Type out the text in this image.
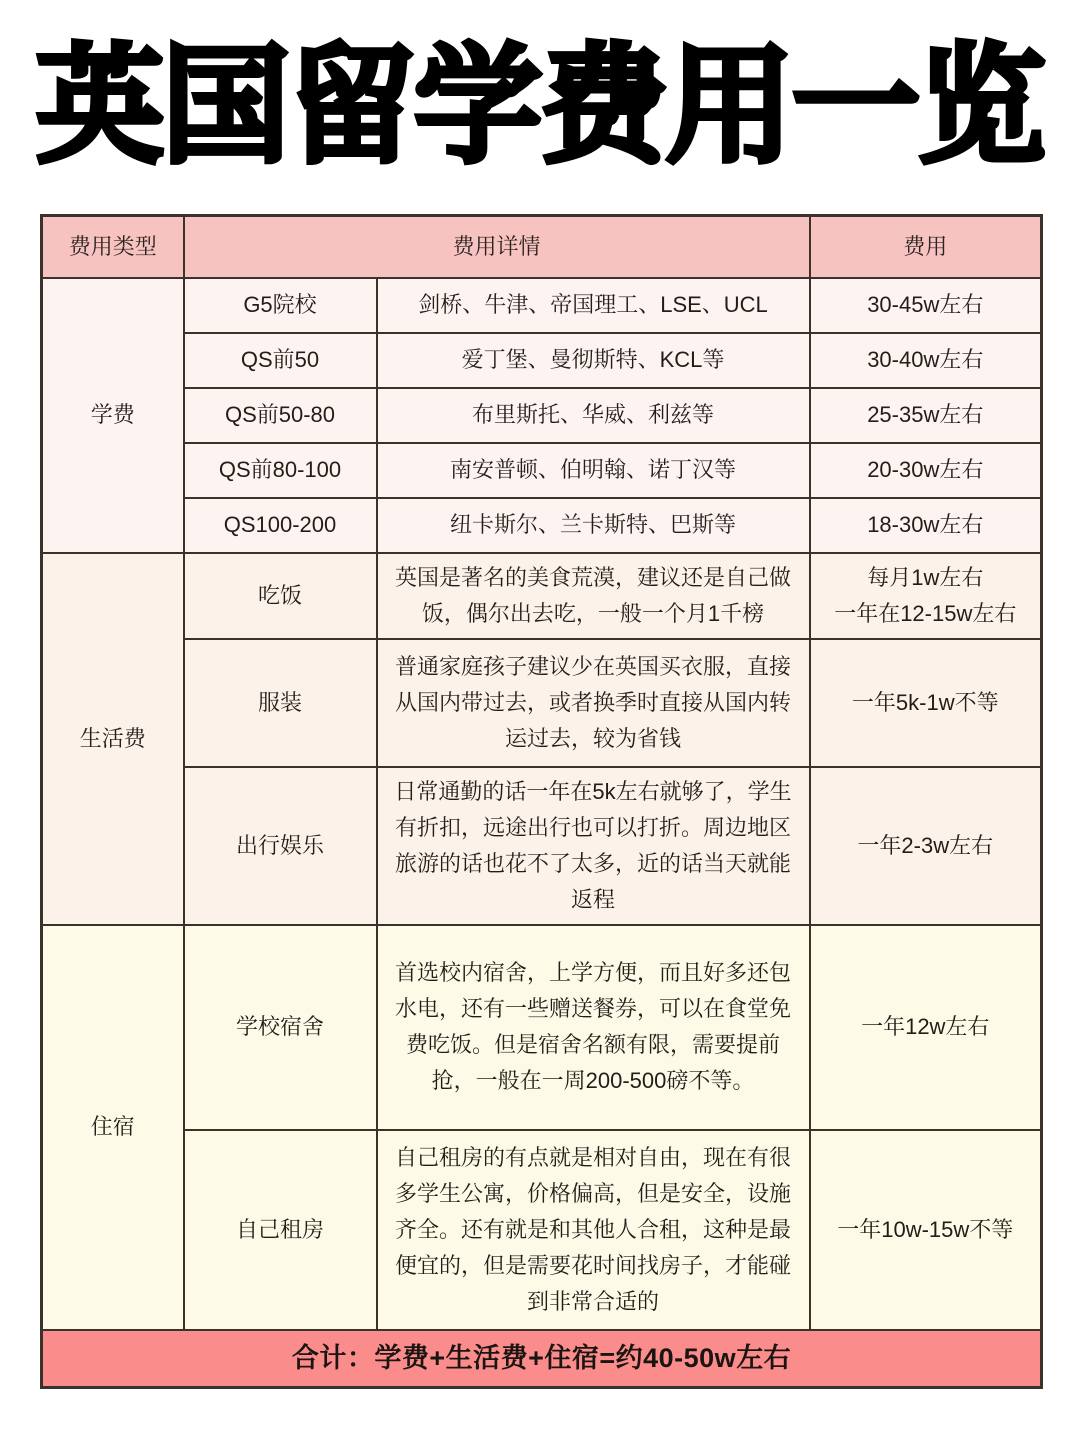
英国留学费用一览
费用类型	费用详情		费用
学费	G5院校	剑桥、牛津、帝国理工、LSE、UCL	30-45w左右
	QS前50	爱丁堡、曼彻斯特、KCL等	30-40w左右
	QS前50-80	布里斯托、华威、利兹等	25-35w左右
	QS前80-100	南安普顿、伯明翰、诺丁汉等	20-30w左右
	QS100-200	纽卡斯尔、兰卡斯特、巴斯等	18-30w左右
生活费	吃饭	英国是著名的美食荒漠，建议还是自己做饭，偶尔出去吃，一般一个月1千榜	每月1w左右
一年在12-15w左右

	服装	普通家庭孩子建议少在英国买衣服，直接从国内带过去，或者换季时直接从国内转运过去，较为省钱	一年5k-1w不等
	出行娱乐	日常通勤的话一年在5k左右就够了，学生有折扣，远途出行也可以打折。周边地区旅游的话也花不了太多，近的话当天就能返程	一年2-3w左右
住宿	学校宿舍	首选校内宿舍，上学方便，而且好多还包水电，还有一些赠送餐券，可以在食堂免费吃饭。但是宿舍名额有限，需要提前抢，一般在一周200-500磅不等。	一年12w左右
	自己租房	自己租房的有点就是相对自由，现在有很多学生公寓，价格偏高，但是安全，设施齐全。还有就是和其他人合租，这种是最便宜的，但是需要花时间找房子，才能碰到非常合适的	一年10w-15w不等
合计：学费+生活费+住宿=约40-50w左右			
